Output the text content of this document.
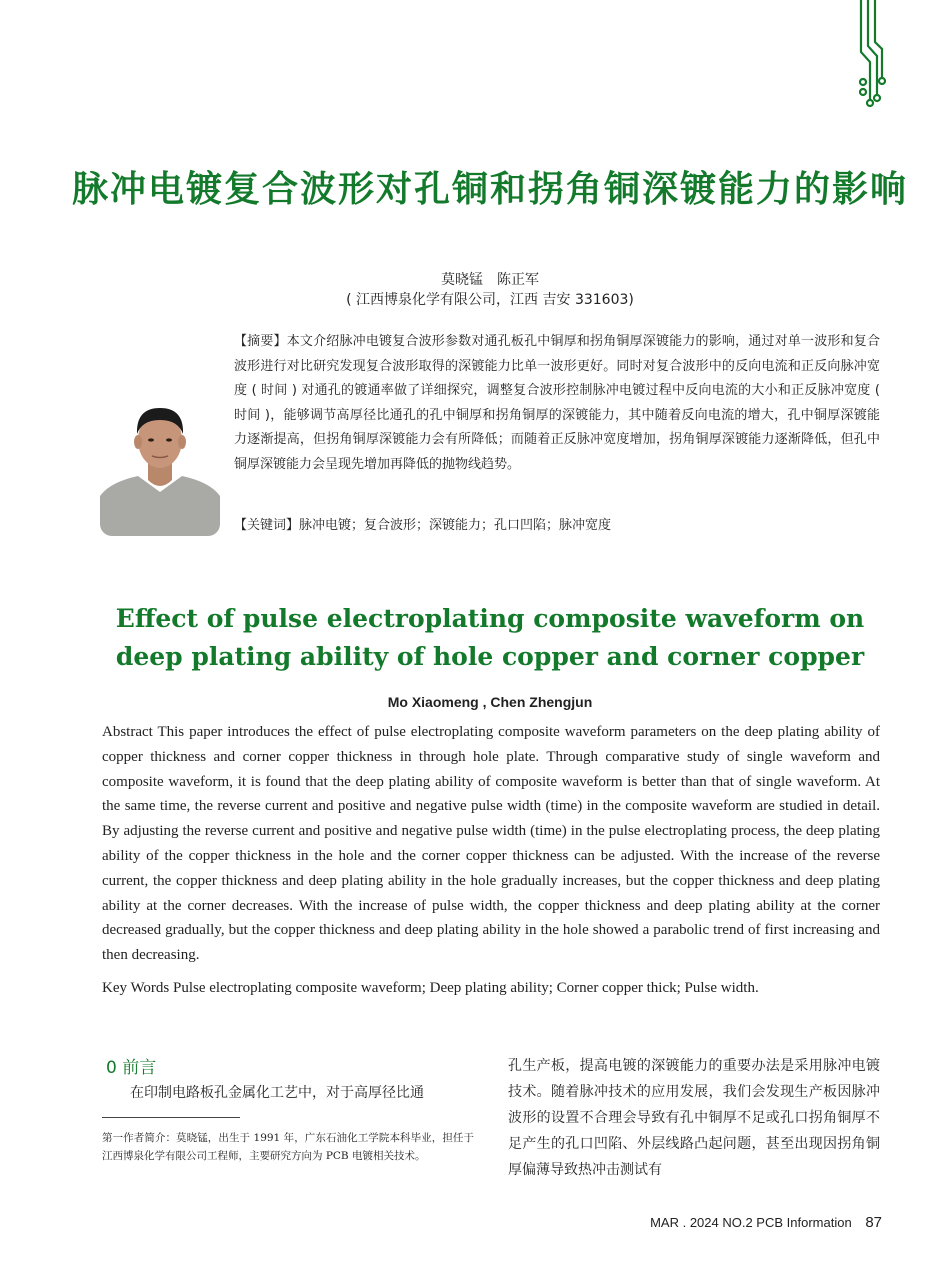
脉冲电镀复合波形对孔铜和拐角铜深镀能力的影响
莫晓锰　陈正军
( 江西博泉化学有限公司，江西 吉安 331603)
【摘要】本文介绍脉冲电镀复合波形参数对通孔板孔中铜厚和拐角铜厚深镀能力的影响，通过对单一波形和复合波形进行对比研究发现复合波形取得的深镀能力比单一波形更好。同时对复合波形中的反向电流和正反向脉冲宽度 ( 时间 ) 对通孔的镀通率做了详细探究，调整复合波形控制脉冲电镀过程中反向电流的大小和正反脉冲宽度 ( 时间 )，能够调节高厚径比通孔的孔中铜厚和拐角铜厚的深镀能力，其中随着反向电流的增大，孔中铜厚深镀能力逐渐提高，但拐角铜厚深镀能力会有所降低；而随着正反脉冲宽度增加，拐角铜厚深镀能力逐渐降低，但孔中铜厚深镀能力会呈现先增加再降低的抛物线趋势。
【关键词】脉冲电镀；复合波形；深镀能力；孔口凹陷；脉冲宽度
Effect of pulse electroplating composite waveform on deep plating ability of hole copper and corner copper
Mo Xiaomeng , Chen Zhengjun
Abstract This paper introduces the effect of pulse electroplating composite waveform parameters on the deep plating ability of copper thickness and corner copper thickness in through hole plate. Through comparative study of single waveform and composite waveform, it is found that the deep plating ability of composite waveform is better than that of single waveform. At the same time, the reverse current and positive and negative pulse width (time) in the composite waveform are studied in detail. By adjusting the reverse current and positive and negative pulse width (time) in the pulse electroplating process, the deep plating ability of the copper thickness in the hole and the corner copper thickness can be adjusted. With the increase of the reverse current, the copper thickness and deep plating ability in the hole gradually increases, but the copper thickness and deep plating ability at the corner decreases. With the increase of pulse width, the copper thickness and deep plating ability at the corner decreased gradually, but the copper thickness and deep plating ability in the hole showed a parabolic trend of first increasing and then decreasing.
Key Words Pulse electroplating composite waveform; Deep plating ability; Corner copper thick; Pulse width.
0 前言
在印制电路板孔金属化工艺中，对于高厚径比通
第一作者简介：莫晓锰，出生于 1991 年，广东石油化工学院本科毕业，担任于江西博泉化学有限公司工程师，主要研究方向为 PCB 电镀相关技术。
孔生产板，提高电镀的深镀能力的重要办法是采用脉冲电镀技术。随着脉冲技术的应用发展，我们会发现生产板因脉冲波形的设置不合理会导致有孔中铜厚不足或孔口拐角铜厚不足产生的孔口凹陷、外层线路凸起问题，甚至出现因拐角铜厚偏薄导致热冲击测试有
MAR . 2024 NO.2 PCB Information 87
